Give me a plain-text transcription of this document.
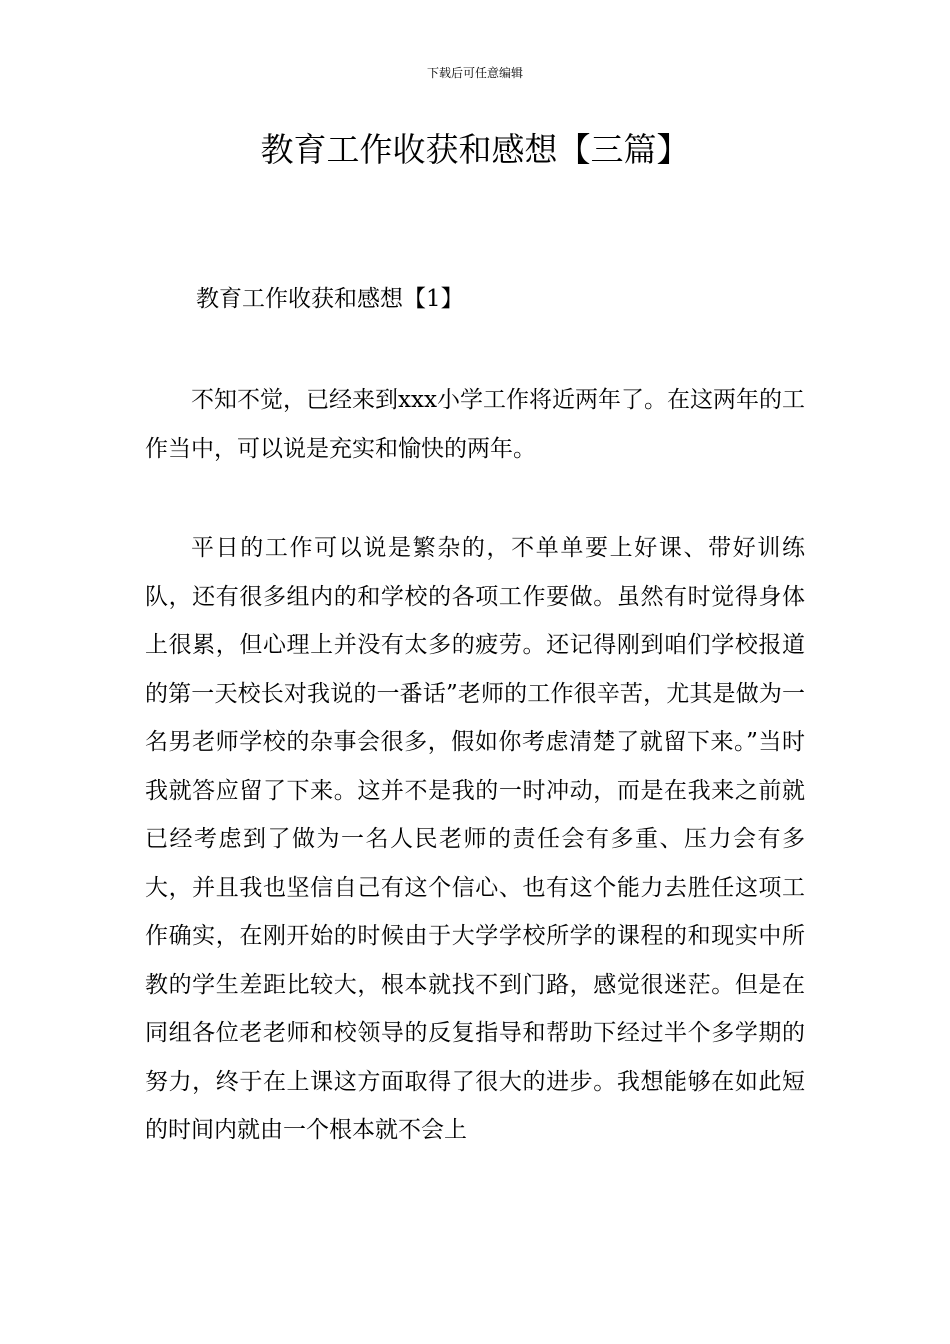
下载后可任意编辑
教育工作收获和感想【三篇】
教育工作收获和感想【1】

不知不觉，已经来到xxx小学工作将近两年了。在这两年的工作当中，可以说是充实和愉快的两年。

平日的工作可以说是繁杂的，不单单要上好课、带好训练队，还有很多组内的和学校的各项工作要做。虽然有时觉得身体上很累，但心理上并没有太多的疲劳。还记得刚到咱们学校报道的第一天校长对我说的一番话”老师的工作很辛苦，尤其是做为一名男老师学校的杂事会很多，假如你考虑清楚了就留下来。”当时我就答应留了下来。这并不是我的一时冲动，而是在我来之前就已经考虑到了做为一名人民老师的责任会有多重、压力会有多大，并且我也坚信自己有这个信心、也有这个能力去胜任这项工作确实，在刚开始的时候由于大学学校所学的课程的和现实中所教的学生差距比较大，根本就找不到门路，感觉很迷茫。但是在同组各位老老师和校领导的反复指导和帮助下经过半个多学期的努力，终于在上课这方面取得了很大的进步。我想能够在如此短的时间内就由一个根本就不会上
